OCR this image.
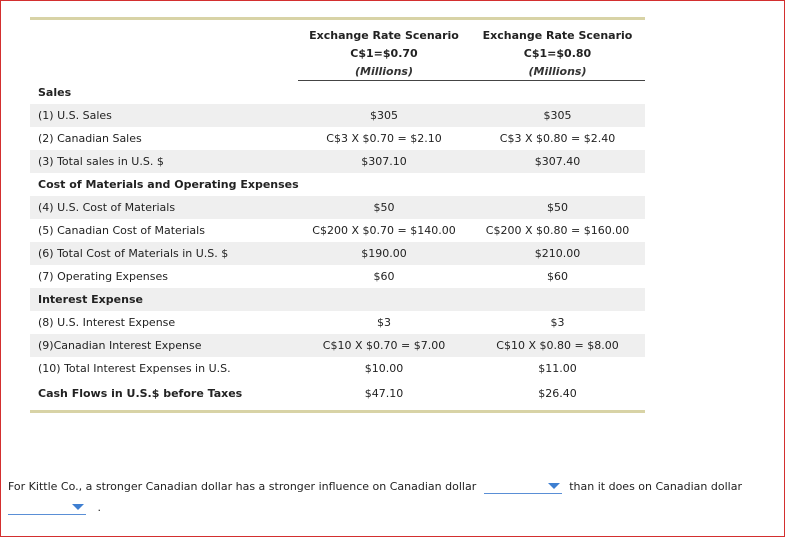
	Exchange Rate Scenario	Exchange Rate Scenario
	C$1=$0.70	C$1=$0.80
	(Millions)	(Millions)
Sales		
(1) U.S. Sales	$305	$305
(2) Canadian Sales	C$3 X $0.70 = $2.10	C$3 X $0.80 = $2.40
(3) Total sales in U.S. $	$307.10	$307.40
Cost of Materials and Operating Expenses		
(4) U.S. Cost of Materials	$50	$50
(5) Canadian Cost of Materials	C$200 X $0.70 = $140.00	C$200 X $0.80 = $160.00
(6) Total Cost of Materials in U.S. $	$190.00	$210.00
(7) Operating Expenses	$60	$60
Interest Expense		
(8) U.S. Interest Expense	$3	$3
(9)Canadian Interest Expense	C$10 X $0.70 = $7.00	C$10 X $0.80 = $8.00
(10) Total Interest Expenses in U.S.	$10.00	$11.00
Cash Flows in U.S.$ before Taxes	$47.10	$26.40
For Kittle Co., a stronger Canadian dollar has a stronger influence on Canadian dollar	than it does on Canadian dollar
.
